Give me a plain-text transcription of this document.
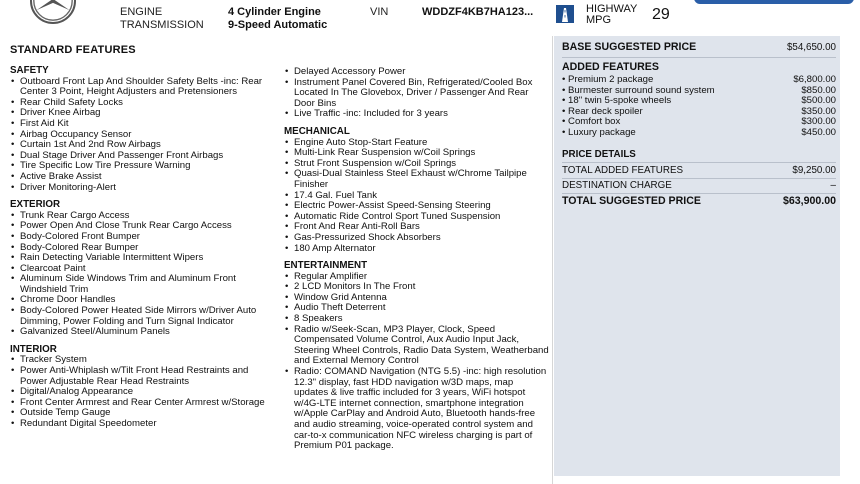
ENGINE	4 Cylinder Engine
TRANSMISSION 9-Speed Automatic
VIN	WDDZF4KB7HA123...	HIGHWAY
MPG	29
STANDARD FEATURES
SAFETY
• Outboard Front Lap And Shoulder Safety Belts -inc: Rear Center 3 Point, Height Adjusters and Pretensioners
• Rear Child Safety Locks
• Driver Knee Airbag
• First Aid Kit
• Airbag Occupancy Sensor
• Curtain 1st And 2nd Row Airbags
• Dual Stage Driver And Passenger Front Airbags
• Tire Specific Low Tire Pressure Warning
• Active Brake Assist
• Driver Monitoring-Alert
EXTERIOR
• Trunk Rear Cargo Access
• Power Open And Close Trunk Rear Cargo Access
• Body-Colored Front Bumper
• Body-Colored Rear Bumper
• Rain Detecting Variable Intermittent Wipers
• Clearcoat Paint
• Aluminum Side Windows Trim and Aluminum Front Windshield Trim
• Chrome Door Handles
• Body-Colored Power Heated Side Mirrors w/Driver Auto Dimming, Power Folding and Turn Signal Indicator
• Galvanized Steel/Aluminum Panels
INTERIOR
• Tracker System
• Power Anti-Whiplash w/Tilt Front Head Restraints and Power Adjustable Rear Head Restraints
• Digital/Analog Appearance
• Front Center Armrest and Rear Center Armrest w/Storage
• Outside Temp Gauge
• Redundant Digital Speedometer
• Delayed Accessory Power
• Instrument Panel Covered Bin, Refrigerated/Cooled Box Located In The Glovebox, Driver / Passenger And Rear Door Bins
• Live Traffic -inc: Included for 3 years
MECHANICAL
• Engine Auto Stop-Start Feature
• Multi-Link Rear Suspension w/Coil Springs
• Strut Front Suspension w/Coil Springs
• Quasi-Dual Stainless Steel Exhaust w/Chrome Tailpipe Finisher
• 17.4 Gal. Fuel Tank
• Electric Power-Assist Speed-Sensing Steering
• Automatic Ride Control Sport Tuned Suspension
• Front And Rear Anti-Roll Bars
• Gas-Pressurized Shock Absorbers
• 180 Amp Alternator
ENTERTAINMENT
• Regular Amplifier
• 2 LCD Monitors In The Front
• Window Grid Antenna
• Audio Theft Deterrent
• 8 Speakers
• Radio w/Seek-Scan, MP3 Player, Clock, Speed Compensated Volume Control, Aux Audio Input Jack, Steering Wheel Controls, Radio Data System, Weatherband and External Memory Control
• Radio: COMAND Navigation (NTG 5.5) -inc: high resolution 12.3" display, fast HDD navigation w/3D maps, map updates & live traffic included for 3 years, WiFi hotspot w/4G-LTE internet connection, smartphone integration w/Apple CarPlay and Android Auto, Bluetooth hands-free and audio streaming, voice-operated control system and car-to-x communication NFC wireless charging is part of Premium P01 package.
BASE SUGGESTED PRICE	$54,650.00
ADDED FEATURES
• Premium 2 package	$6,800.00
• Burmester surround sound system	$850.00
• 18" twin 5-spoke wheels	$500.00
• Rear deck spoiler	$350.00
• Comfort box	$300.00
• Luxury package	$450.00
PRICE DETAILS
TOTAL ADDED FEATURES	$9,250.00
DESTINATION CHARGE	–
TOTAL SUGGESTED PRICE	$63,900.00
